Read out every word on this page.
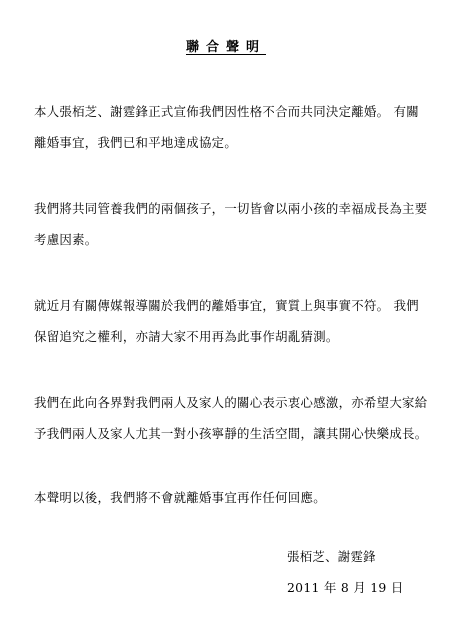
聯合聲明
本人張栢芝、謝霆鋒正式宣佈我們因性格不合而共同決定離婚。 有關
離婚事宜，我們已和平地達成協定。
我們將共同管養我們的兩個孩子，一切皆會以兩小孩的幸福成長為主要
考慮因素。
就近月有關傳媒報導關於我們的離婚事宜，實質上與事實不符。 我們
保留追究之權利，亦請大家不用再為此事作胡亂猜測。
我們在此向各界對我們兩人及家人的關心表示衷心感激，亦希望大家給
予我們兩人及家人尤其一對小孩寧靜的生活空間，讓其開心快樂成長。
本聲明以後，我們將不會就離婚事宜再作任何回應。
張栢芝、謝霆鋒
2011 年 8 月 19 日
